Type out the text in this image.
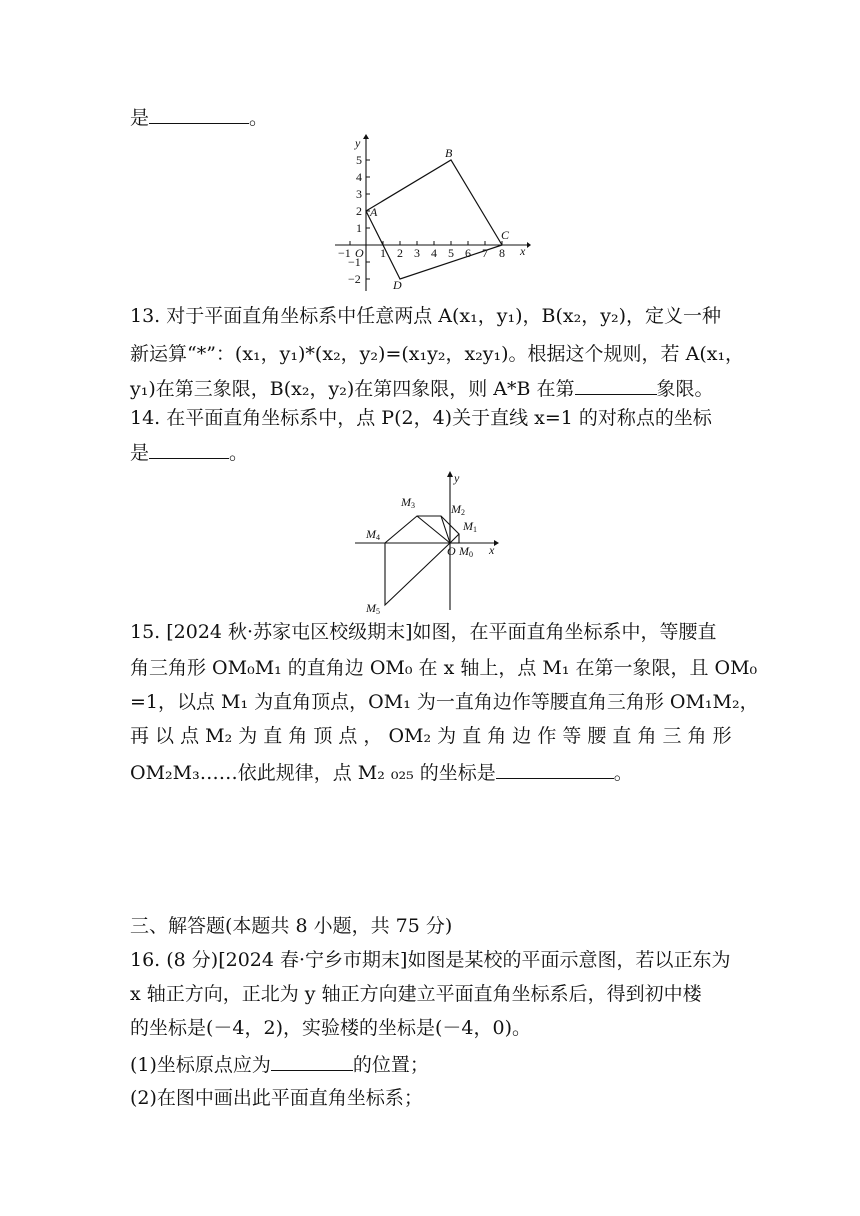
是	。
x
y
O
−1 1 2 3 4 5 6 7 8
5
4
3
2
1
−1
−2
A
B
C
D
13. 对于平面直角坐标系中任意两点 A(x₁，y₁)，B(x₂，y₂)，定义一种
新运算“*”：(x₁，y₁)*(x₂，y₂)=(x₁y₂，x₂y₁)。根据这个规则，若 A(x₁，
y₁)在第三象限，B(x₂，y₂)在第四象限，则 A*B 在第	象限。
14. 在平面直角坐标系中，点 P(2，4)关于直线 x=1 的对称点的坐标
是	。
x
y
O M0
M1
M2
M3
M4
M5
15. [2024 秋·苏家屯区校级期末]如图，在平面直角坐标系中，等腰直
角三角形 OM₀M₁ 的直角边 OM₀ 在 x 轴上，点 M₁ 在第一象限，且 OM₀
=1，以点 M₁ 为直角顶点，OM₁ 为一直角边作等腰直角三角形 OM₁M₂，
再 以 点 M₂ 为 直 角 顶 点 ， OM₂ 为 直 角 边 作 等 腰 直 角 三 角 形
OM₂M₃……依此规律，点 M₂ ₀₂₅ 的坐标是	。
三、解答题(本题共 8 小题，共 75 分)
16. (8 分)[2024 春·宁乡市期末]如图是某校的平面示意图，若以正东为
x 轴正方向，正北为 y 轴正方向建立平面直角坐标系后，得到初中楼
的坐标是(－4，2)，实验楼的坐标是(－4，0)。
(1)坐标原点应为	的位置；
(2)在图中画出此平面直角坐标系；
